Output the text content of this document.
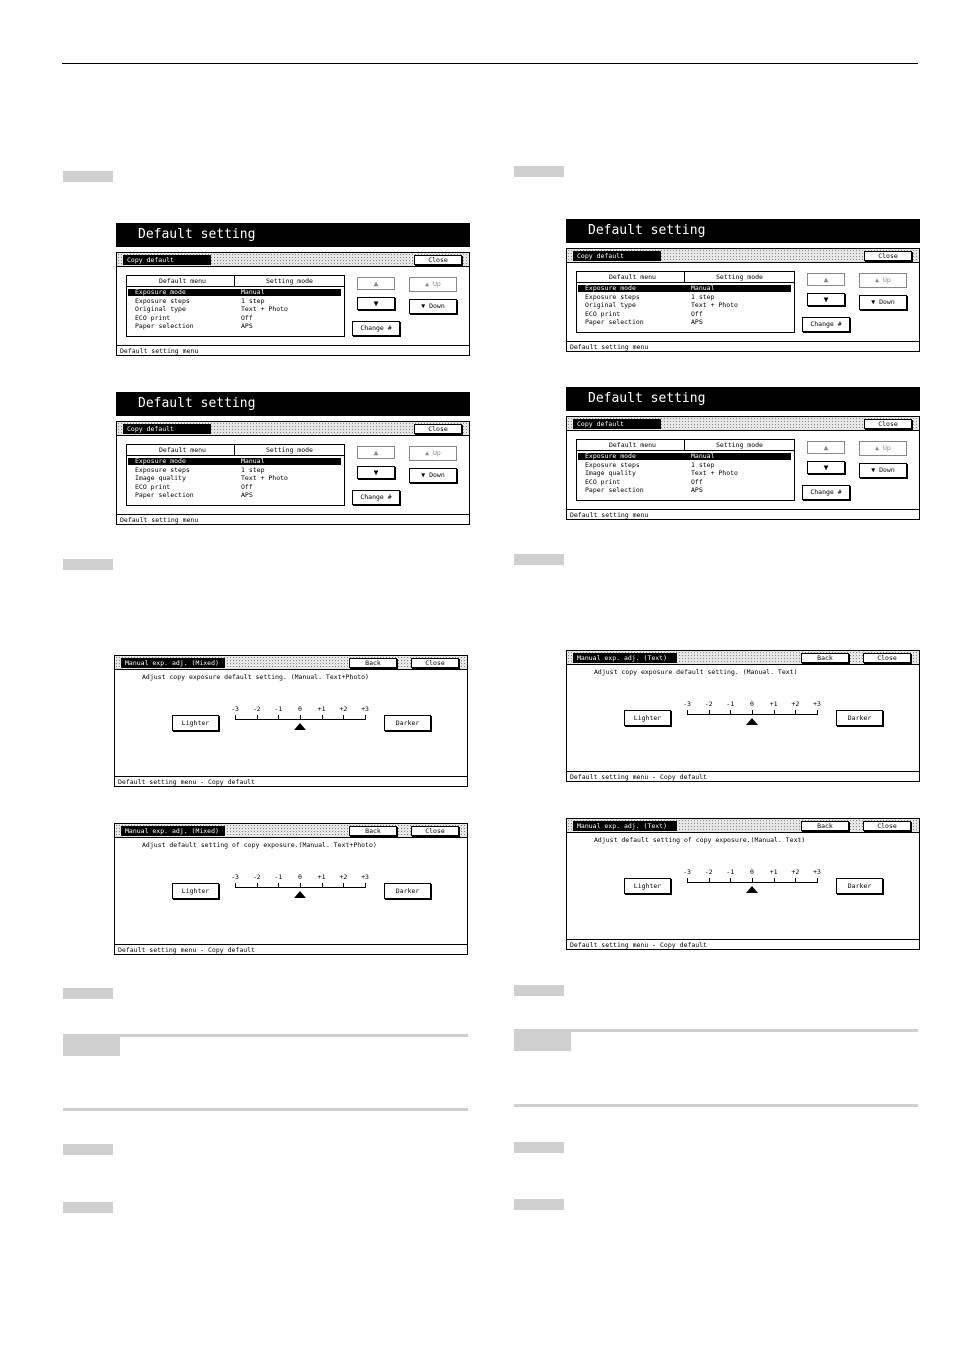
Default setting
Copy default	Close
Default menu	Setting mode
Exposure mode	Manual
Exposure steps	1 step
Original type	Text + Photo
ECO print	Off
Paper selection	APS
▲
▼
▲ Up
▼ Down
Change #
Default setting menu
Default setting
Copy default	Close
Default menu	Setting mode
Exposure mode	Manual
Exposure steps	1 step
Image quality	Text + Photo
ECO print	Off
Paper selection	APS
▲
▼
▲ Up
▼ Down
Change #
Default setting menu
Default setting
Copy default	Close
Default menu	Setting mode
Exposure mode	Manual
Exposure steps	1 step
Original type	Text + Photo
ECO print	Off
Paper selection	APS
▲
▼
▲ Up
▼ Down
Change #
Default setting menu
Default setting
Copy default	Close
Default menu	Setting mode
Exposure mode	Manual
Exposure steps	1 step
Image quality	Text + Photo
ECO print	Off
Paper selection	APS
▲
▼
▲ Up
▼ Down
Change #
Default setting menu
Manual exp. adj. (Mixed)	Back	Close
Adjust copy exposure default setting. (Manual. Text+Photo)
Lighter	Darker
-3	-2	-1	0	+1	+2	+3
Default setting menu - Copy default
Manual exp. adj. (Mixed)	Back	Close
Adjust default setting of copy exposure.(Manual. Text+Photo)
Lighter	Darker
-3	-2	-1	0	+1	+2	+3
Default setting menu - Copy default
Manual exp. adj. (Text)	Back	Close
Adjust copy exposure default setting. (Manual. Text)
Lighter	Darker
-3	-2	-1	0	+1	+2	+3
Default setting menu - Copy default
Manual exp. adj. (Text)	Back	Close
Adjust default setting of copy exposure.(Manual. Text)
Lighter	Darker
-3	-2	-1	0	+1	+2	+3
Default setting menu - Copy default
